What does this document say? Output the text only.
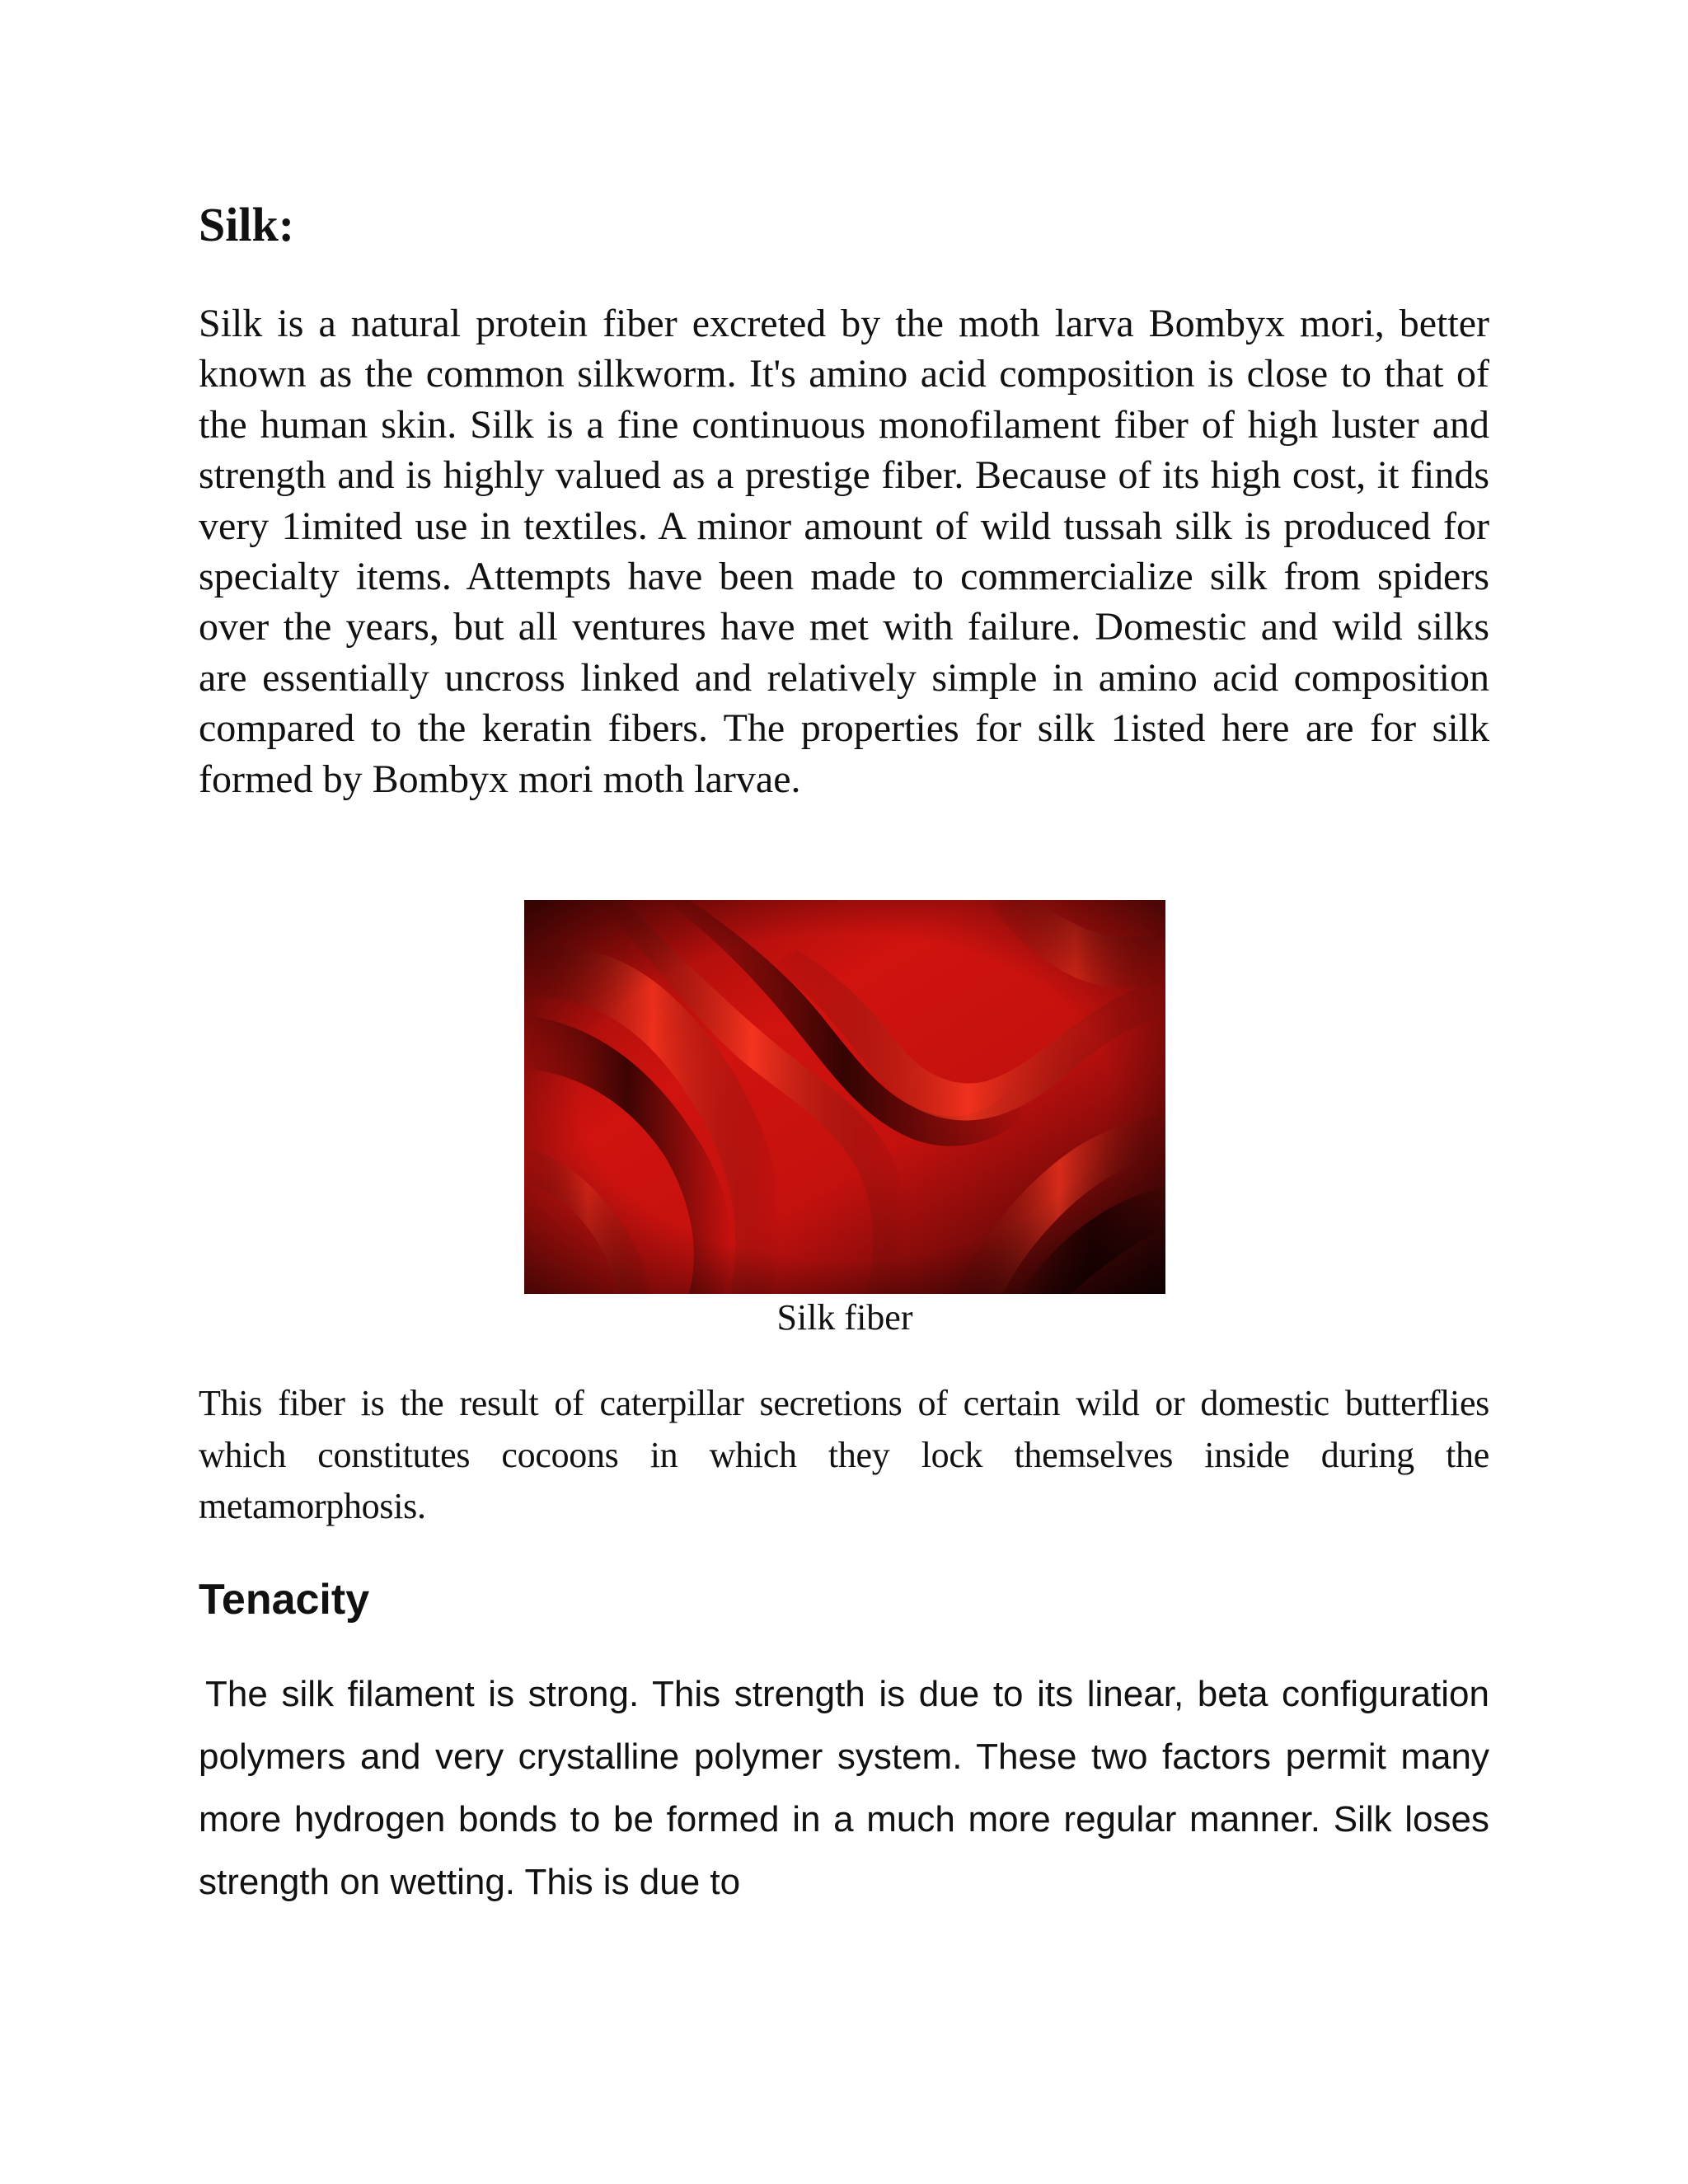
Silk:

Silk is a natural protein fiber excreted by the moth larva Bombyx mori, better known as the common silkworm. It's amino acid composition is close to that of the human skin. Silk is a fine continuous monofilament fiber of high luster and strength and is highly valued as a prestige fiber. Because of its high cost, it finds very 1imited use in textiles. A minor amount of wild tussah silk is produced for specialty items. Attempts have been made to commercialize silk from spiders over the years, but all ventures have met with failure. Domestic and wild silks are essentially uncross linked and relatively simple in amino acid composition compared to the keratin fibers. The properties for silk 1isted here are for silk formed by Bombyx mori moth larvae.

Silk fiber

This fiber is the result of caterpillar secretions of certain wild or domestic butterflies which constitutes cocoons in which they lock themselves inside during the metamorphosis.

Tenacity

The silk filament is strong. This strength is due to its linear, beta configuration polymers and very crystalline polymer system. These two factors permit many more hydrogen bonds to be formed in a much more regular manner. Silk loses strength on wetting. This is due to
